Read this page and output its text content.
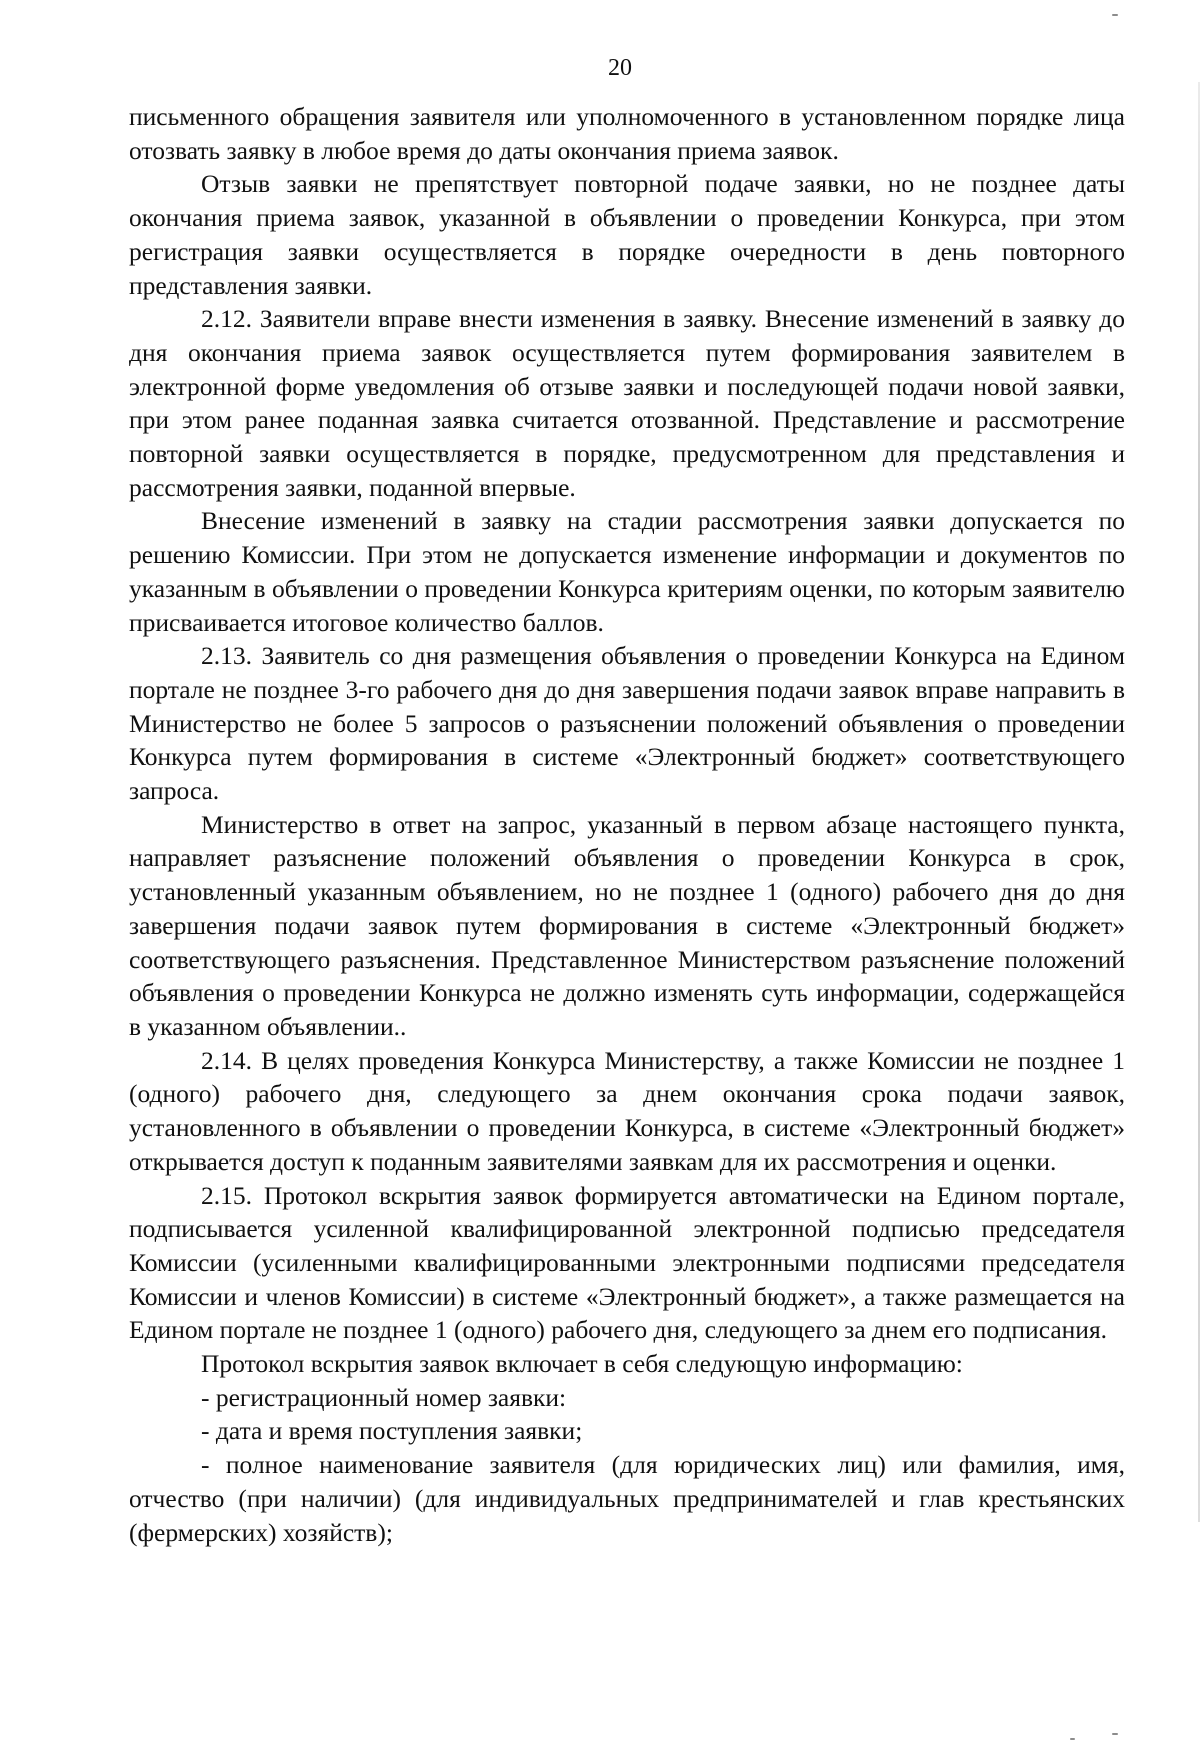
20

письменного обращения заявителя или уполномоченного в установленном порядке лица отозвать заявку в любое время до даты окончания приема заявок.

Отзыв заявки не препятствует повторной подаче заявки, но не позднее даты окончания приема заявок, указанной в объявлении о проведении Конкурса, при этом регистрация заявки осуществляется в порядке очередности в день повторного представления заявки.

2.12. Заявители вправе внести изменения в заявку. Внесение изменений в заявку до дня окончания приема заявок осуществляется путем формирования заявителем в электронной форме уведомления об отзыве заявки и последующей подачи новой заявки, при этом ранее поданная заявка считается отозванной. Представление и рассмотрение повторной заявки осуществляется в порядке, предусмотренном для представления и рассмотрения заявки, поданной впервые.

Внесение изменений в заявку на стадии рассмотрения заявки допускается по решению Комиссии. При этом не допускается изменение информации и документов по указанным в объявлении о проведении Конкурса критериям оценки, по которым заявителю присваивается итоговое количество баллов.

2.13. Заявитель со дня размещения объявления о проведении Конкурса на Едином портале не позднее 3-го рабочего дня до дня завершения подачи заявок вправе направить в Министерство не более 5 запросов о разъяснении положений объявления о проведении Конкурса путем формирования в системе «Электронный бюджет» соответствующего запроса.

Министерство в ответ на запрос, указанный в первом абзаце настоящего пункта, направляет разъяснение положений объявления о проведении Конкурса в срок, установленный указанным объявлением, но не позднее 1 (одного) рабочего дня до дня завершения подачи заявок путем формирования в системе «Электронный бюджет» соответствующего разъяснения. Представленное Министерством разъяснение положений объявления о проведении Конкурса не должно изменять суть информации, содержащейся в указанном объявлении..

2.14. В целях проведения Конкурса Министерству, а также Комиссии не позднее 1 (одного) рабочего дня, следующего за днем окончания срока подачи заявок, установленного в объявлении о проведении Конкурса, в системе «Электронный бюджет» открывается доступ к поданным заявителями заявкам для их рассмотрения и оценки.

2.15. Протокол вскрытия заявок формируется автоматически на Едином портале, подписывается усиленной квалифицированной электронной подписью председателя Комиссии (усиленными квалифицированными электронными подписями председателя Комиссии и членов Комиссии) в системе «Электронный бюджет», а также размещается на Едином портале не позднее 1 (одного) рабочего дня, следующего за днем его подписания.

Протокол вскрытия заявок включает в себя следующую информацию:

- регистрационный номер заявки:

- дата и время поступления заявки;

- полное наименование заявителя (для юридических лиц) или фамилия, имя, отчество (при наличии) (для индивидуальных предпринимателей и глав крестьянских (фермерских) хозяйств);
